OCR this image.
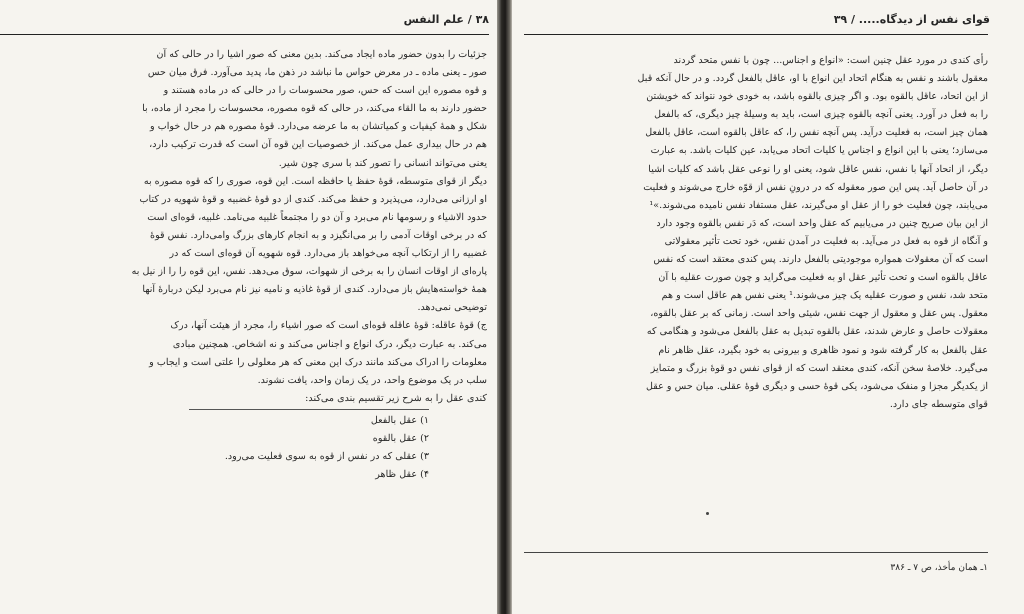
۳۸ / علم النفس
جزئیات را بدون حضور ماده ایجاد می‌کند. بدین معنی که صور اشیا را در حالی که آن
صور ـ یعنی ماده ـ در معرض حواس ما نباشد در ذهن ما، پدید می‌آورد. فرق میان حس
و قوه مصوره این است که حس، صور محسوسات را در حالی که در ماده هستند و
حضور دارند به ما القاء می‌کند، در حالی که قوه مصوره، محسوسات را مجرد از ماده، با
شکل و همهٔ کیفیات و کمیاتشان به ما عرضه می‌دارد. قوهٔ مصوره هم در حال خواب و
هم در حال بیداری عمل می‌کند. از خصوصیات این قوه آن است که قدرت ترکیب دارد،
یعنی می‌تواند انسانی را تصور کند با سری چون شیر.
دیگر از قوای متوسطه، قوهٔ حفظ یا حافظه است. این قوه، صوری را که قوه مصوره به
او ارزانی می‌دارد، می‌پذیرد و حفظ می‌کند. کندی از دو قوهٔ غضبیه و قوهٔ شهویه در کتاب
حدود الاشیاء و رسومها نام می‌برد و آن دو را مجتمعاً غلبیه می‌نامد. غلبیه، قوه‌ای است
که در برخی اوقات آدمی را بر می‌انگیزد و به انجام کارهای بزرگ وامی‌دارد. نفس قوهٔ
غضبیه را از ارتکاب آنچه می‌خواهد باز می‌دارد. قوه شهویه آن قوه‌ای است که در
پاره‌ای از اوقات انسان را به برخی از شهوات، سوق می‌دهد. نفس، این قوه را را از نیل به
همهٔ خواسته‌هایش باز می‌دارد. کندی از قوهٔ غاذیه و نامیه نیز نام می‌برد لیکن دربارهٔ آنها
توضیحی نمی‌دهد.
ج) قوهٔ عاقله: قوهٔ عاقله قوه‌ای است که صور اشیاء را، مجرد از هیئت آنها، درک
می‌کند. به عبارت دیگر، درک انواع و اجناس می‌کند و نه اشخاص. همچنین مبادی
معلومات را ادراک می‌کند مانند درک این معنی که هر معلولی را علتی است و ایجاب و
سلب در یک موضوع واحد، در یک زمان واحد، یافت نشوند.
کندی عقل را به شرح زیر تقسیم بندی می‌کند:
۱) عقل بالفعل
۲) عقل بالقوه
۳) عقلی که در نفس از قوه به سوی فعلیت می‌رود.
۴) عقل ظاهر
قوای نفس از دیدگاه..... / ۳۹
رأی کندی در مورد عقل چنین است: «انواع و اجناس... چون با نفس متحد گردند
معقول باشند و نفس به هنگام اتحاد این انواع با او، عاقل بالفعل گردد. و در حال آنکه قبل
از این اتحاد، عاقل بالقوه بود. و اگر چیزی بالقوه باشد، به خودی خود نتواند که خویشتن
را به فعل در آورد. یعنی آنچه بالقوه چیزی است، باید به وسیلهٔ چیز دیگری، که بالفعل
همان چیز است، به فعلیت درآید. پس آنچه نفس را، که عاقل بالقوه است، عاقل بالفعل
می‌سازد؛ یعنی با این انواع و اجناس یا کلیات اتحاد می‌یابد، عین کلیات باشد. به عبارت
دیگر، از اتحاد آنها با نفس، نفس عاقل شود، یعنی او را نوعی عقل باشد که کلیات اشیا
در آن حاصل آید. پس این صور معقوله که در درونِ نفس از قوّه خارج می‌شوند و فعلیت
می‌یابند، چون فعلیت خو را از عقل او می‌گیرند، عقل مستفاد نفس نامیده می‌شوند.»¹
از این بیان صریح چنین در می‌یابیم که عقل واحد است، که دَر نفس بالقوه وجود دارد
و آنگاه از قوه به فعل در می‌آید. به فعلیت در آمدن نفس، خود تحت تأثیر معقولاتی
است که آن معقولات همواره موجودیتی بالفعل دارند. پس کندی معتقد است که نفس
عاقل بالقوه است و تحت تأثیر عقل او به فعلیت می‌گراید و چون صورت عقلیه با آن
متحد شد، نفس و صورت عقلیه یک چیز می‌شوند.¹ یعنی نفس هم عاقل است و هم
معقول. پس عقل و معقول از جهت نفس، شیئی واحد است. زمانی که بر عقل بالقوه،
معقولات حاصل و عارض شدند، عقل بالقوه تبدیل به عقل بالفعل می‌شود و هنگامی که
عقل بالفعل به کار گرفته شود و نمود ظاهری و بیرونی به خود بگیرد، عقل ظاهر نام
می‌گیرد. خلاصهٔ سخن آنکه، کندی معتقد است که از قوای نفس دو قوهٔ بزرگ و متمایز
از یکدیگر مجزا و منفک می‌شود، یکی قوهٔ حسی و دیگری قوهٔ عقلی. میان حس و عقل
قوای متوسطه جای دارد.
۱ـ همان مأخذ، ص ۷ ـ ۳۸۶
